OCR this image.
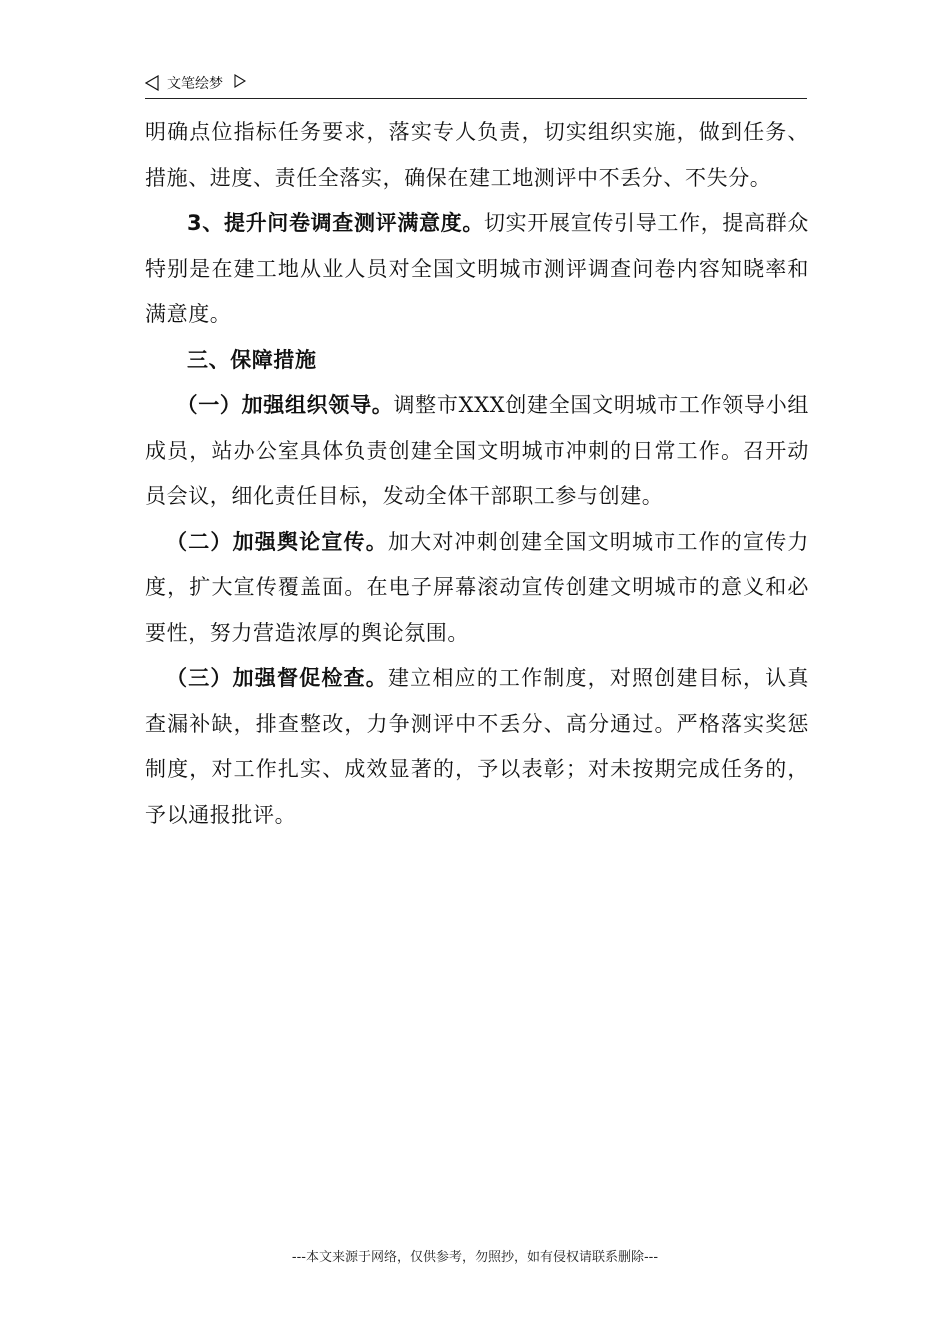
文笔绘梦

明确点位指标任务要求，落实专人负责，切实组织实施，做到任务、措施、进度、责任全落实，确保在建工地测评中不丢分、不失分。

3、提升问卷调查测评满意度。切实开展宣传引导工作，提高群众特别是在建工地从业人员对全国文明城市测评调查问卷内容知晓率和满意度。

三、保障措施

（一）加强组织领导。调整市XXX创建全国文明城市工作领导小组成员，站办公室具体负责创建全国文明城市冲刺的日常工作。召开动员会议，细化责任目标，发动全体干部职工参与创建。

（二）加强舆论宣传。加大对冲刺创建全国文明城市工作的宣传力度，扩大宣传覆盖面。在电子屏幕滚动宣传创建文明城市的意义和必要性，努力营造浓厚的舆论氛围。

（三）加强督促检查。建立相应的工作制度，对照创建目标，认真查漏补缺，排查整改，力争测评中不丢分、高分通过。严格落实奖惩制度，对工作扎实、成效显著的，予以表彰；对未按期完成任务的，予以通报批评。

---本文来源于网络，仅供参考，勿照抄，如有侵权请联系删除---
